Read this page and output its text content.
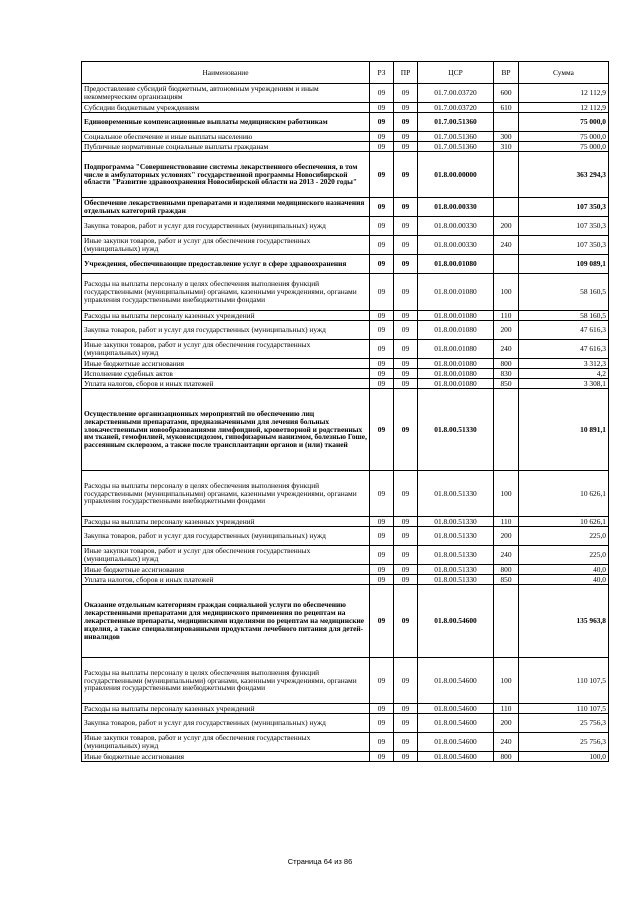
Наименование	РЗ	ПР	ЦСР	ВР	Сумма
Предоставление субсидий бюджетным, автономным учреждениям и иным некоммерческим организациям	09	09	01.7.00.03720	600	12 112,9
Субсидии бюджетным учреждениям	09	09	01.7.00.03720	610	12 112,9
Единовременные компенсационные выплаты медицинским работникам	09	09	01.7.00.51360		75 000,0
Социальное обеспечение и иные выплаты населению	09	09	01.7.00.51360	300	75 000,0
Публичные нормативные социальные выплаты гражданам	09	09	01.7.00.51360	310	75 000,0
Подпрограмма "Совершенствование системы лекарственного обеспечения, в том числе в амбулаторных условиях" государственной программы Новосибирской области "Развитие здравоохранения Новосибирской области на 2013 - 2020 годы"	09	09	01.8.00.00000		363 294,3
Обеспечение лекарственными препаратами и изделиями медицинского назначения отдельных категорий граждан	09	09	01.8.00.00330		107 350,3
Закупка товаров, работ и услуг для государственных (муниципальных) нужд	09	09	01.8.00.00330	200	107 350,3
Иные закупки товаров, работ и услуг для обеспечения государственных (муниципальных) нужд	09	09	01.8.00.00330	240	107 350,3
Учреждения, обеспечивающие предоставление услуг в сфере здравоохранения	09	09	01.8.00.01080		109 089,1
Расходы на выплаты персоналу в целях обеспечения выполнения функций государственными (муниципальными) органами, казенными учреждениями, органами управления государственными внебюджетными фондами	09	09	01.8.00.01080	100	58 160,5
Расходы на выплаты персоналу казенных учреждений	09	09	01.8.00.01080	110	58 160,5
Закупка товаров, работ и услуг для государственных (муниципальных) нужд	09	09	01.8.00.01080	200	47 616,3
Иные закупки товаров, работ и услуг для обеспечения государственных (муниципальных) нужд	09	09	01.8.00.01080	240	47 616,3
Иные бюджетные ассигнования	09	09	01.8.00.01080	800	3 312,3
Исполнение судебных актов	09	09	01.8.00.01080	830	4,2
Уплата налогов, сборов и иных платежей	09	09	01.8.00.01080	850	3 308,1
Осуществление организационных мероприятий по обеспечению лиц лекарственными препаратами, предназначенными для лечения больных злокачественными новообразованиями лимфоидной, кроветворной и родственных им тканей, гемофилией, муковисцидозом, гипофизарным нанизмом, болезнью Гоше, рассеянным склерозом, а также после трансплантации органов и (или) тканей	09	09	01.8.00.51330		10 891,1
Расходы на выплаты персоналу в целях обеспечения выполнения функций государственными (муниципальными) органами, казенными учреждениями, органами управления государственными внебюджетными фондами	09	09	01.8.00.51330	100	10 626,1
Расходы на выплаты персоналу казенных учреждений	09	09	01.8.00.51330	110	10 626,1
Закупка товаров, работ и услуг для государственных (муниципальных) нужд	09	09	01.8.00.51330	200	225,0
Иные закупки товаров, работ и услуг для обеспечения государственных (муниципальных) нужд	09	09	01.8.00.51330	240	225,0
Иные бюджетные ассигнования	09	09	01.8.00.51330	800	40,0
Уплата налогов, сборов и иных платежей	09	09	01.8.00.51330	850	40,0
Оказание отдельным категориям граждан социальной услуги по обеспечению лекарственными препаратами для медицинского применения по рецептам на лекарственные препараты, медицинскими изделиями по рецептам на медицинские изделия, а также специализированными продуктами лечебного питания для детей-инвалидов	09	09	01.8.00.54600		135 963,8
Расходы на выплаты персоналу в целях обеспечения выполнения функций государственными (муниципальными) органами, казенными учреждениями, органами управления государственными внебюджетными фондами	09	09	01.8.00.54600	100	110 107,5
Расходы на выплаты персоналу казенных учреждений	09	09	01.8.00.54600	110	110 107,5
Закупка товаров, работ и услуг для государственных (муниципальных) нужд	09	09	01.8.00.54600	200	25 756,3
Иные закупки товаров, работ и услуг для обеспечения государственных (муниципальных) нужд	09	09	01.8.00.54600	240	25 756,3
Иные бюджетные ассигнования	09	09	01.8.00.54600	800	100,0
Страница 64 из 86
